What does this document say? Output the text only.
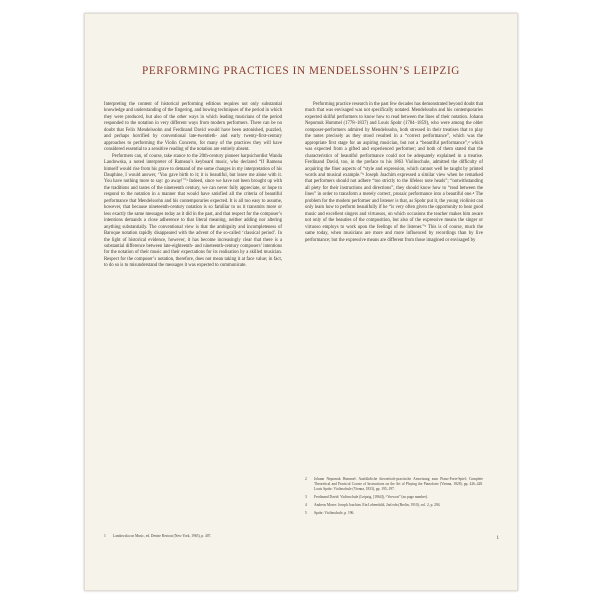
PERFORMING PRACTICES IN MENDELSSOHN’S LEIPZIG

Interpreting the content of historical performing editions requires not only substantial knowledge and understanding of the fingering, and bowing techniques of the period in which they were produced, but also of the other ways in which leading musicians of the period responded to the notation in very different ways from modern performers. There can be no doubt that Felix Mendelssohn and Ferdinand David would have been astonished, puzzled, and perhaps horrified by conventional late-twentieth- and early twenty-first-century approaches to performing the Violin Concerto, for many of the practices they will have considered essential to a sensitive reading of the notation are entirely absent.

Performers can, of course, take stance to the 20th-century pioneer harpsichordist Wanda Landowska, a noted interpreter of Rameau’s keyboard music, who declared “If Rameau himself would rise from his grave to demand of me some changes in my interpretation of his Dauphine, I would answer, ‘You gave birth to it; it is beautiful, but leave me alone with it. You have nothing more to say: go away!’”¹ Indeed, since we have not been brought up with the traditions and tastes of the nineteenth century, we can never fully appreciate, or hope to respond to the notation in a manner that would have satisfied all the criteria of beautiful performance that Mendelssohn and his contemporaries expected. It is all too easy to assume, however, that because nineteenth-century notation is so familiar to us it transmits more or less exactly the same messages today as it did in the past, and that respect for the composer’s intentions demands a close adherence to that literal meaning, neither adding nor altering anything substantially. The conventional view is that the ambiguity and incompleteness of Baroque notation rapidly disappeared with the advent of the so-called ‘classical period’. In the light of historical evidence, however, it has become increasingly clear that there is a substantial difference between late-eighteenth- and nineteenth-century composers’ intentions for the notation of their music and their expectations for its realisation by a skilled musician. Respect for the composer’s notation, therefore, does not mean taking it at face value; in fact, to do so is to misunderstand the messages it was expected to communicate.

Performing practice research in the past few decades has demonstrated beyond doubt that much that was envisaged was not specifically notated. Mendelssohn and his contemporaries expected skilful performers to know how to read between the lines of their notation. Johann Nepomuk Hummel (1778–1837) and Louis Spohr (1784–1859), who were among the older composer-performers admired by Mendelssohn, both stressed in their treatises that to play the notes precisely as they stood resulted in a “correct performance”, which was the appropriate first stage for an aspiring musician, but not a “beautiful performance”,² which was expected from a gifted and experienced performer; and both of them stated that the characteristics of beautiful performance could not be adequately explained in a treatise. Ferdinand David, too, in the preface to his 1863 Violinschule, admitted the difficulty of acquiring the finer aspects of “style and expression, which cannot well be taught by printed words and musical example.”³ Joseph Joachim expressed a similar view when he remarked that performers should not adhere “too strictly to the lifeless note heads”; “notwithstanding all piety for their instructions and directions”, they should know how to “read between the lines” in order to transform a merely correct, prosaic performance into a beautiful one.⁴ The problem for the modern performer and listener is that, as Spohr put it, the young violinist can only learn how to perform beautifully if he “is very often given the opportunity to hear good music and excellent singers and virtuosos, on which occasions the teacher makes him aware not only of the beauties of the composition, but also of the expressive means the singer or virtuoso employs to work upon the feelings of the listener.”⁵ This is of course, much the same today, when musicians are more and more influenced by recordings than by live performance; but the expressive means are different from those imagined or envisaged by

1	Landowska on Music, ed. Denise Restout (New York, 1965), p. 407.
2	Johann Nepomuk Hummel: Ausführliche theoretisch-practische Anweisung zum Piano-Forte-Spiel; Complete Theoretical and Practical Course of Instructions on the Art of Playing the Pianoforte (Vienna, 1828), pp. 426–428. Louis Spohr: Violinschule (Vienna, 1833), pp. 195–197.
3	Ferdinand David: Violinschule (Leipzig, [1864]), “Vorwort” (no page number).
4	Andreas Moser: Joseph Joachim. Ein Lebensbild, 2nd edn (Berlin, 1910), vol. 2, p. 294.
5	Spohr: Violinschule, p. 196.
1
